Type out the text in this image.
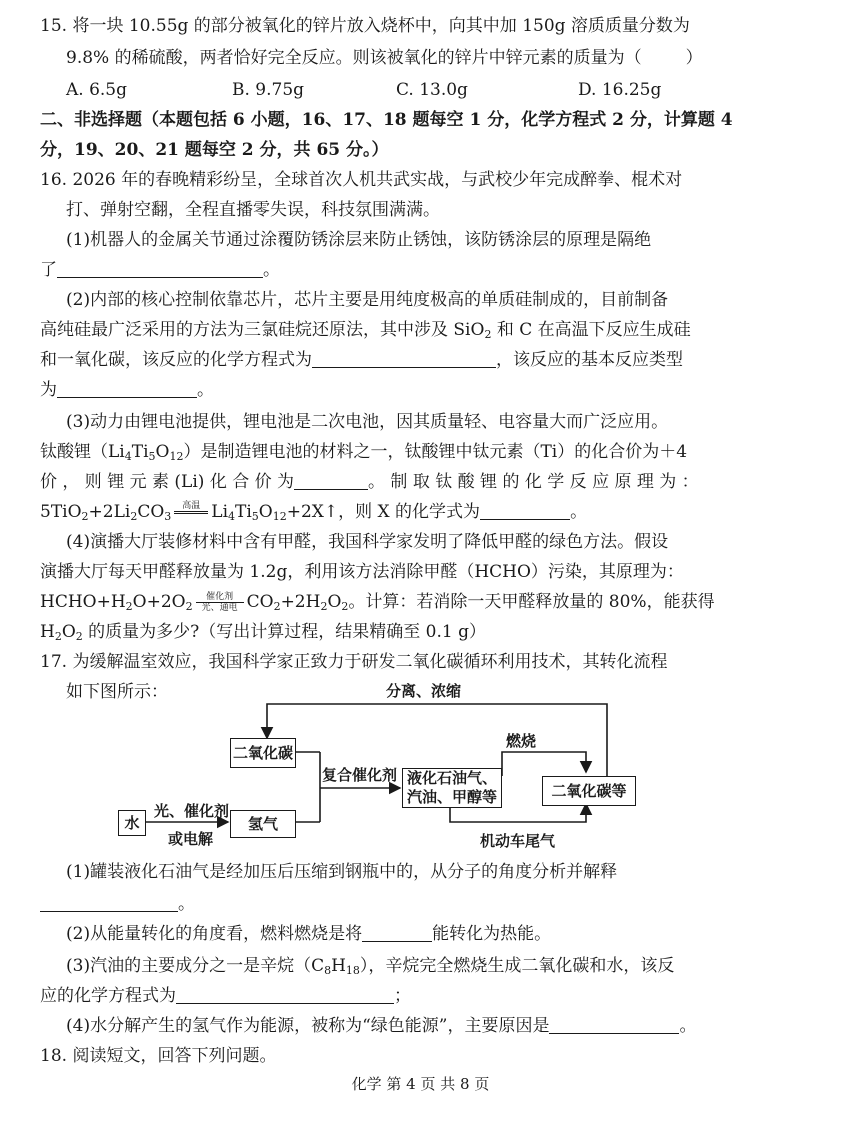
15. 将一块 10.55g 的部分被氧化的锌片放入烧杯中，向其中加 150g 溶质质量分数为
9.8% 的稀硫酸，两者恰好完全反应。则该被氧化的锌片中锌元素的质量为（	）
A. 6.5g	B. 9.75g	C. 13.0g	D. 16.25g
二、非选择题（本题包括 6 小题，16、17、18 题每空 1 分，化学方程式 2 分，计算题 4
分，19、20、21 题每空 2 分，共 65 分。）
16. 2026 年的春晚精彩纷呈，全球首次人机共武实战，与武校少年完成醉拳、棍术对
打、弹射空翻，全程直播零失误，科技氛围满满。
(1)机器人的金属关节通过涂覆防锈涂层来防止锈蚀，该防锈涂层的原理是隔绝
了	。
(2)内部的核心控制依靠芯片，芯片主要是用纯度极高的单质硅制成的，目前制备
高纯硅最广泛采用的方法为三氯硅烷还原法，其中涉及 SiO$_2$ 和 C 在高温下反应生成硅
和一氧化碳，该反应的化学方程式为	，该反应的基本反应类型
为	。
(3)动力由锂电池提供，锂电池是二次电池，因其质量轻、电容量大而广泛应用。
钛酸锂$(Li_4Ti_5O_{12})$是制造锂电池的材料之一，钛酸锂中钛元素（Ti）的化合价为＋4
价 ， 则 锂 元 素 (Li) 化 合 价 为	。 制 取 钛 酸 锂 的 化 学 反 应 原 理 为 ：
$5TiO_2+2Li_2CO_3$
高温
$Li_4Ti_5O_{12}+2X↑$，则 X 的化学式为	。
(4)演播大厅装修材料中含有甲醛，我国科学家发明了降低甲醛的绿色方法。假设
演播大厅每天甲醛释放量为 1.2g，利用该方法消除甲醛（HCHO）污染，其原理为：
$HCHO+H_2O+2O_2 \frac{\text{催化剂}}{\text{光、通电}} CO_2+2H_2O_2$。计算：若消除一天甲醛释放量的 80%，能获得
$H_2O_2$ 的质量为多少?（写出计算过程，结果精确至 0.1 g）
17. 为缓解温室效应，我国科学家正致力于研发二氧化碳循环利用技术，其转化流程
如下图所示：
二氧化碳
水	氢气
液化石油气、
汽油、甲醇等	二氧化碳等
分离、浓缩
复合催化剂
燃烧
光、催化剂
或电解	机动车尾气
(1)罐装液化石油气是经加压后压缩到钢瓶中的，从分子的角度分析并解释
。
(2)从能量转化的角度看，燃料燃烧是将	能转化为热能。
(3)汽油的主要成分之一是辛烷$(C_8H_{18})$，辛烷完全燃烧生成二氧化碳和水，该反
应的化学方程式为	；
(4)水分解产生的氢气作为能源，被称为“绿色能源”，主要原因是	。
18. 阅读短文，回答下列问题。
化学 第 4 页 共 8 页
